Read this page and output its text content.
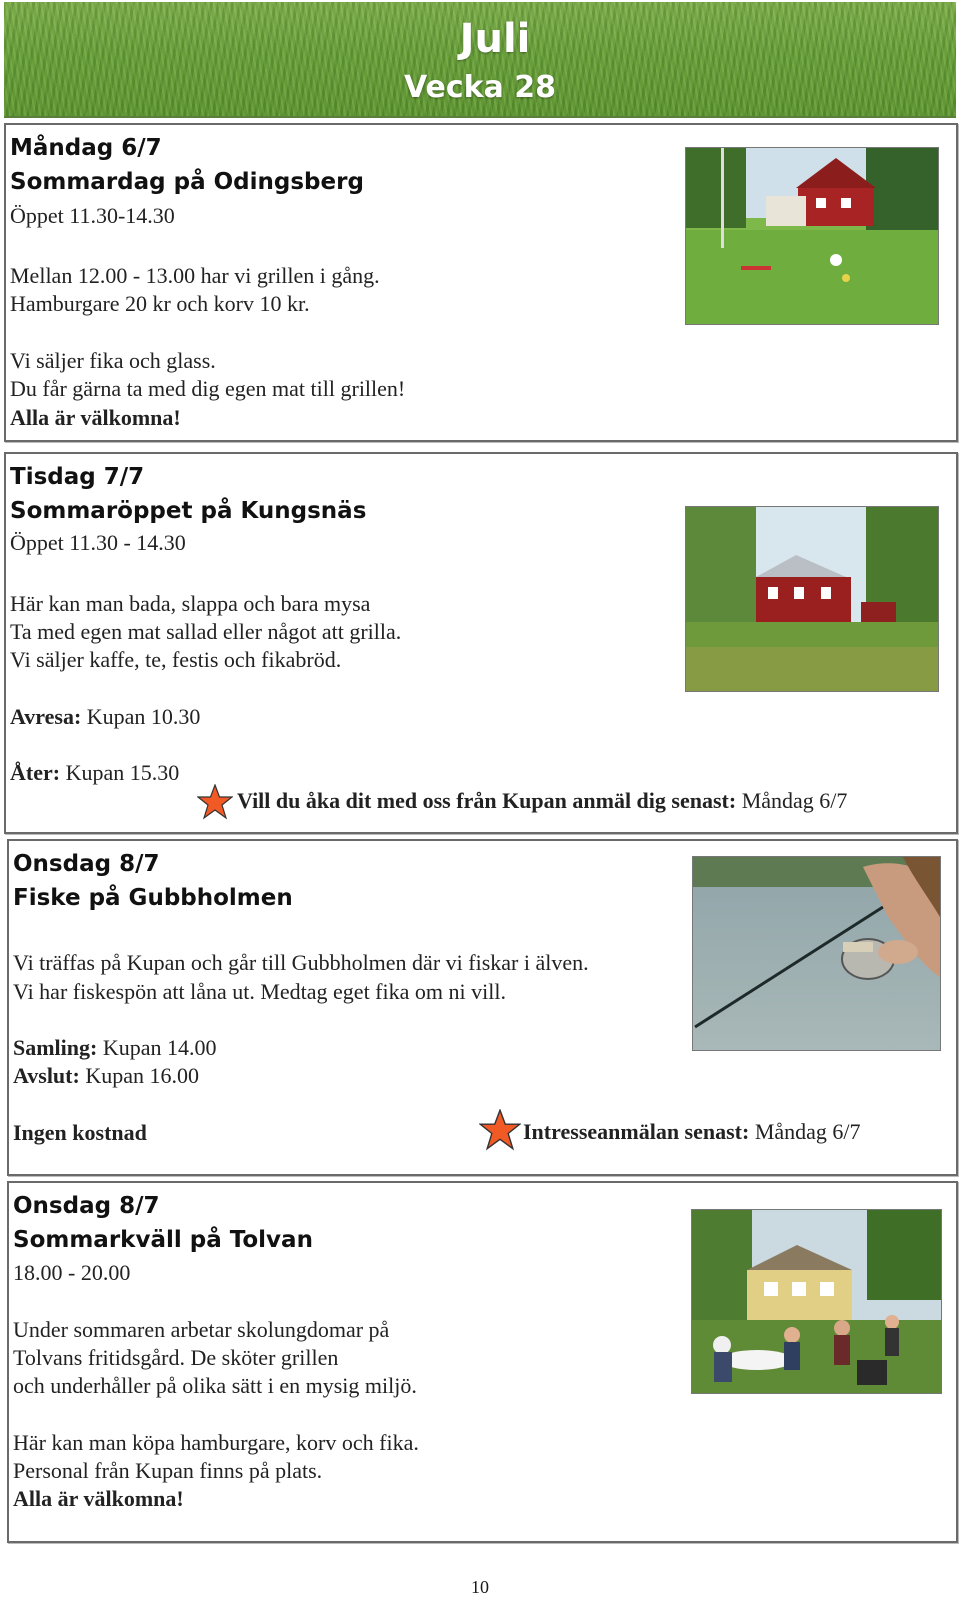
Juli
Vecka 28
Måndag 6/7
Sommardag på Odingsberg
Öppet 11.30-14.30
Mellan 12.00 - 13.00 har vi grillen i gång.
Hamburgare 20 kr och korv 10 kr.
Vi säljer fika och glass.
Du får gärna ta med dig egen mat till grillen!
Alla är välkomna!
Tisdag 7/7
Sommaröppet på Kungsnäs
Öppet 11.30 - 14.30
Här kan man bada, slappa och bara mysa
Ta med egen mat sallad eller något att grilla.
Vi säljer kaffe, te, festis och fikabröd.
Avresa: Kupan 10.30
Åter: Kupan 15.30
Vill du åka dit med oss från Kupan anmäl dig senast: Måndag 6/7
Onsdag 8/7
Fiske på Gubbholmen
Vi träffas på Kupan och går till Gubbholmen där vi fiskar i älven.
Vi har fiskespön att låna ut. Medtag eget fika om ni vill.
Samling: Kupan 14.00
Avslut: Kupan 16.00
Ingen kostnad	Intresseanmälan senast: Måndag 6/7
Onsdag 8/7
Sommarkväll på Tolvan
18.00 - 20.00
Under sommaren arbetar skolungdomar på
Tolvans fritidsgård. De sköter grillen
och underhåller på olika sätt i en mysig miljö.
Här kan man köpa hamburgare, korv och fika.
Personal från Kupan finns på plats.
Alla är välkomna!
10
